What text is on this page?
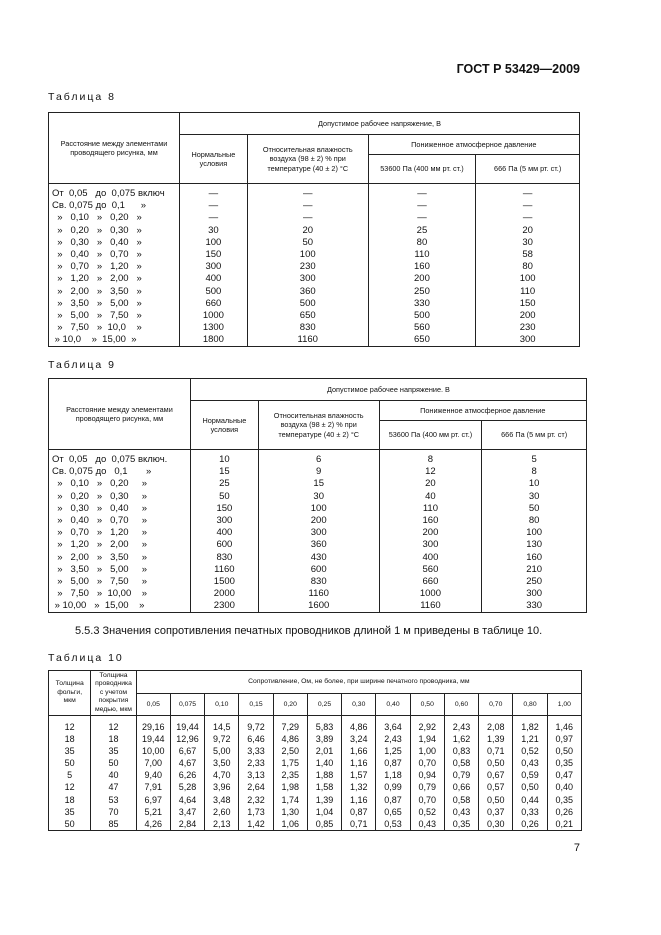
ГОСТ Р 53429—2009
Таблица 8
Расстояние между элементами проводящего рисунка, мм	Допустимое рабочее напряжение, В			
	Нормальные условия	Относительная влажность воздуха (98 ± 2) % при температуре (40 ± 2) °С	Пониженное атмосферное давление	
			53600 Па (400 мм рт. ст.)	666 Па (5 мм рт. ст.)
От  0,05   до  0,075 включ	—	—	—	—
Св. 0,075 до  0,1      »	—	—	—	—
»   0,10   »   0,20   »	—	—	—	—
»   0,20   »   0,30   »	30	20	25	20
»   0,30   »   0,40   »	100	50	80	30
»   0,40   »   0,70   »	150	100	110	58
»   0,70   »   1,20   »	300	230	160	80
»   1,20   »   2,00   »	400	300	200	100
»   2,00   »   3,50   »	500	360	250	110
»   3,50   »   5,00   »	660	500	330	150
»   5,00   »   7,50   »	1000	650	500	200
»   7,50   »  10,0    »	1300	830	560	230
» 10,0    »  15,00  »	1800	1160	650	300
Таблица 9
Расстояние между элементами проводящего рисунка, мм	Допустимое рабочее напряжение. В			
	Нормальные условия	Относительная влажность воздуха (98 ± 2) % при температуре (40 ± 2) °С	Пониженное атмосферное давление	
			53600 Па (400 мм рт. ст.)	666 Па (5 мм рт. ст)
От  0,05   до  0,075 включ.	10	6	8	5
Св. 0,075 до   0,1       »	15	9	12	8
»   0,10   »   0,20     »	25	15	20	10
»   0,20   »   0,30     »	50	30	40	30
»   0,30   »   0,40     »	150	100	110	50
»   0,40   »   0,70     »	300	200	160	80
»   0,70   »   1,20     »	400	300	200	100
»   1,20   »   2,00     »	600	360	300	130
»   2,00   »   3,50     »	830	430	400	160
»   3,50   »   5,00     »	1160	600	560	210
»   5,00   »   7,50     »	1500	830	660	250
»   7,50   »  10,00    »	2000	1160	1000	300
» 10,00   »  15,00    »	2300	1600	1160	330
5.5.3 Значения сопротивления печатных проводников длиной 1 м приведены в таблице 10.
Таблица 10
Толщина фольги, мкм	Толщина проводника с учетом покрытия медью, мкм	Сопротивление, Ом, не более, при ширине печатного проводника, мм												
		0,05	0,075	0,10	0,15	0,20	0,25	0,30	0,40	0,50	0,60	0,70	0,80	1,00
12	12	29,16	19,44	14,5	9,72	7,29	5,83	4,86	3,64	2,92	2,43	2,08	1,82	1,46
18	18	19,44	12,96	9,72	6,46	4,86	3,89	3,24	2,43	1,94	1,62	1,39	1,21	0,97
35	35	10,00	6,67	5,00	3,33	2,50	2,01	1,66	1,25	1,00	0,83	0,71	0,52	0,50
50	50	7,00	4,67	3,50	2,33	1,75	1,40	1,16	0,87	0,70	0,58	0,50	0,43	0,35
5	40	9,40	6,26	4,70	3,13	2,35	1,88	1,57	1,18	0,94	0,79	0,67	0,59	0,47
12	47	7,91	5,28	3,96	2,64	1,98	1,58	1,32	0,99	0,79	0,66	0,57	0,50	0,40
18	53	6,97	4,64	3,48	2,32	1,74	1,39	1,16	0,87	0,70	0,58	0,50	0,44	0,35
35	70	5,21	3,47	2,60	1,73	1,30	1,04	0,87	0,65	0,52	0,43	0,37	0,33	0,26
50	85	4,26	2,84	2,13	1,42	1,06	0,85	0,71	0,53	0,43	0,35	0,30	0,26	0,21
7
